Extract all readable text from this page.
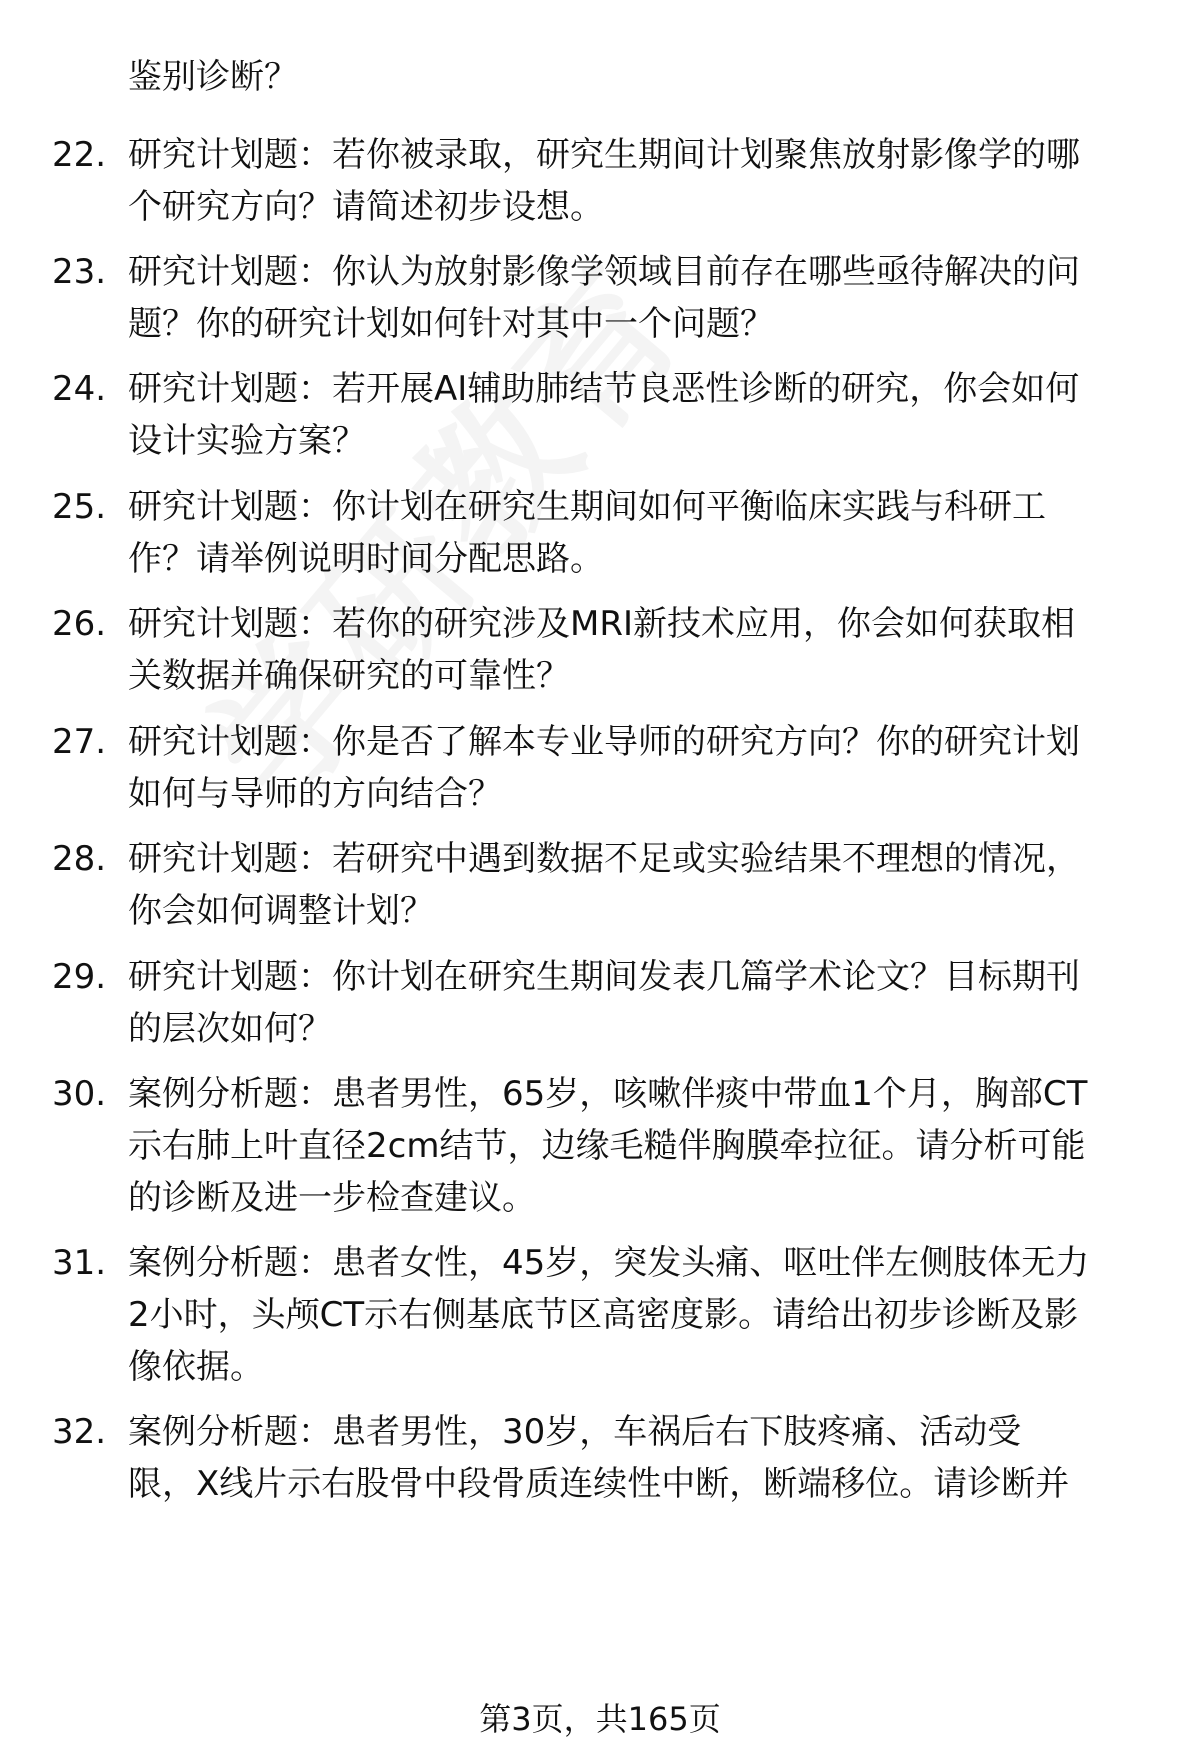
鉴别诊断？
22. 研究计划题：若你被录取，研究生期间计划聚焦放射影像学的哪
个研究方向？请简述初步设想。
23. 研究计划题：你认为放射影像学领域目前存在哪些亟待解决的问
题？你的研究计划如何针对其中一个问题？
24. 研究计划题：若开展AI辅助肺结节良恶性诊断的研究，你会如何
设计实验方案？
25. 研究计划题：你计划在研究生期间如何平衡临床实践与科研工
作？请举例说明时间分配思路。
26. 研究计划题：若你的研究涉及MRI新技术应用，你会如何获取相
关数据并确保研究的可靠性？
27. 研究计划题：你是否了解本专业导师的研究方向？你的研究计划
如何与导师的方向结合？
28. 研究计划题：若研究中遇到数据不足或实验结果不理想的情况，
你会如何调整计划？
29. 研究计划题：你计划在研究生期间发表几篇学术论文？目标期刊
的层次如何？
30. 案例分析题：患者男性，65岁，咳嗽伴痰中带血1个月，胸部CT
示右肺上叶直径2cm结节，边缘毛糙伴胸膜牵拉征。请分析可能
的诊断及进一步检查建议。
31. 案例分析题：患者女性，45岁，突发头痛、呕吐伴左侧肢体无力
2小时，头颅CT示右侧基底节区高密度影。请给出初步诊断及影
像依据。
32. 案例分析题：患者男性，30岁，车祸后右下肢疼痛、活动受
限，X线片示右股骨中段骨质连续性中断，断端移位。请诊断并
第3页，共165页
